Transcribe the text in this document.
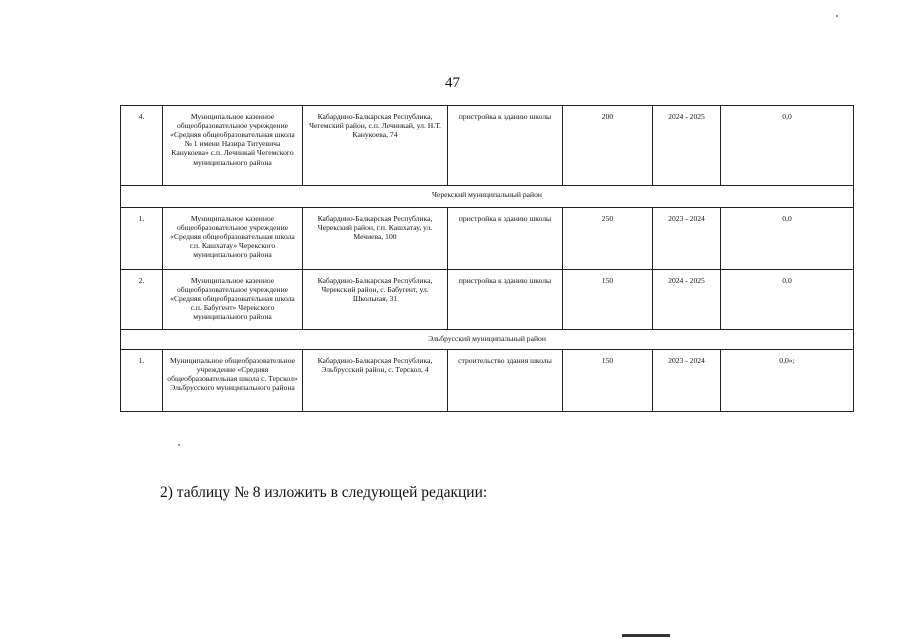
47
4.	Муниципальное казенное общеобразовательное учреждение «Средняя общеобразовательная школа № 1 имени Назира Титуевича Канукоева» с.п. Лечинкай Чегемского муниципального района	Кабардино-Балкарская Республика, Чегемский район, с.п. Лечинкай, ул. Н.Т. Канукоева, 74	пристройка к зданию школы	200	2024 - 2025	0,0
Черекский муниципальный район						
1.	Муниципальное казенное общеобразовательное учреждение «Средняя общеобразовательная школа г.п. Кашхатау» Черекского муниципального района	Кабардино-Балкарская Республика, Черекский район, г.п. Кашхатау, ул. Мечиева, 100	пристройка к зданию школы	250	2023 - 2024	0,0
2.	Муниципальное казенное общеобразовательное учреждение «Средняя общеобразовательная школа с.п. Бабугент» Черекского муниципального района	Кабардино-Балкарская Республика, Черекский район, с. Бабугент, ул. Школьная, 31	пристройка к зданию школы	150	2024 - 2025	0,0
Эльбрусский муниципальный район						
1.	Муниципальное общеобразовательное учреждение «Средняя общеобразовательная школа с. Терскол» Эльбрусского муниципального района	Кабардино-Балкарская Республика, Эльбрусский район, с. Терскол, 4	строительство здания школы	150	2023 - 2024	0,0»;
2) таблицу № 8 изложить в следующей редакции:
